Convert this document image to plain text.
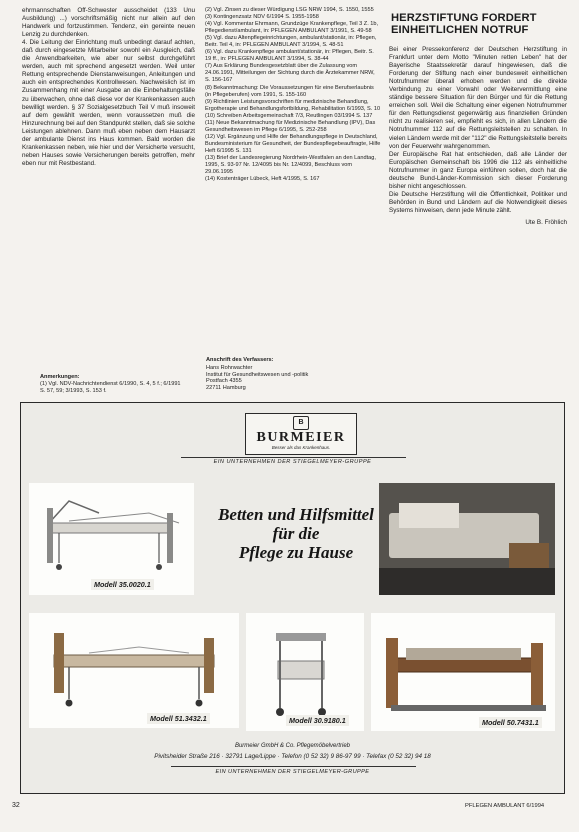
ehrmannschaften Off-Schwester ausscheidet (133 Unu Ausbildung) ...) vorschriftsmäßig nicht nur allein auf den Handwerk und fortzustimmen. Tendenz, ein gereinte neuen Lenzig zu durchdenken.

4. Die Leitung der Einrichtung muß unbedingt darauf achten, daß durch eingesetzte Mitarbeiter sowohl ein Ausgleich, daß die Anwendbarkeiten, wie aber nur selbst durchgeführt werden, auch mit sprechend angesetzt werden. Weil unter Rettung entsprechende Dienstanweisungen, Anleitungen und auch ein entsprechendes Kontrollwesen. Nachweislich ist im Zusammenhang mit einer Ausgabe an die Einbehaltungsfälle zu überwachen, ohne daß diese vor der Krankenkassen auch bewilligt werden. § 37 Sozialgesetzbuch Teil V muß insoweit auf dem gewählt werden, wenn voraussetzen muß die Hinzurechnung bei auf den Standpunkt stellen, daß sie solche Leistungen ablehnen. Dann muß eben neben dem Hausarzt der ambulante Dienst ins Haus kommen. Bald worden die Krankenkassen neben, wie hier und der Versicherte versucht, neben Hauses sowie Versicherungen bereits getroffen, mehr eben nur mit Restbestand.

Anmerkungen:
(1) Vgl. NDV-Nachrichtendienst 6/1990, S. 4, 5 f.; 6/1991
S. 57, 59; 3/1993, S. 153 f.

(2) Vgl. Zinsen zu dieser Würdigung LSG NRW 1994, S. 1550, 1555

(3) Kontingenzsatz NDV 6/1994 S. 1955-1958

(4) Vgl. Kommentar Ehrmann, Grundzüge Krankenpflege, Teil 3 Z. 1b, Pflegedienst/ambulant, in: PFLEGEN AMBULANT 3/1991, S. 49-58

(5) Vgl. dazu Altenpflegeinrichtungen, ambulant/stationär, in: Pflegen, Beitr. Teil 4, in: PFLEGEN AMBULANT 3/1994, S. 48-51

(6) Vgl. dazu Krankenpflege ambulant/stationär, in: Pflegen, Beitr. S. 19 ff., in: PFLEGEN AMBULANT 3/1994, S. 38-44

(7) Aus Erklärung Bundesgesetzblatt über die Zulassung vom 24.06.1991, Mitteilungen der Sichtung durch die Ärztekammer NRW, S. 156-167

(8) Bekanntmachung: Die Voraussetzungen für eine Berufserlaubnis (in Pflegeberufen) vom 1991, S. 155-160

(9) Richtlinien Leistungsvorschriften für medizinische Behandlung, Ergotherapie und Behandlungsfortbildung, Rehabilitation 6/1993, S. 10

(10) Schreiben Arbeitsgemeinschaft 7/3, Reutlingen 03/1994 S. 137

(11) Neue Bekanntmachung für Medizinische Behandlung (IPV), Das Gesundheitswesen im Pflege 6/1995, S. 252-258

(12) Vgl. Ergänzung und Hilfe der Behandlungspflege in Deutschland, Bundesministerium für Gesundheit, der Bundespflegebeauftragte, Hilfe Heft 6/1995 S. 131

(13) Brief der Landesregierung Nordrhein-Westfalen an den Landtag, 1995, S. 93-97 Nr. 12/4095 bis Nr. 12/4099, Beschluss vom 29.06.1995

(14) Kostenträger Lübeck, Heft 4/1995, S. 167

Anschrift des Verfassers:
Hans Rohrwachter
Institut für Gesundheitswesen und -politik
Postfach 4355
22711 Hamburg
HERZSTIFTUNG FORDERT
EINHEITLICHEN NOTRUF

Bei einer Pressekonferenz der Deutschen Herzstiftung in Frankfurt unter dem Motto "Minuten retten Leben" hat der Bayerische Staatssekretär darauf hingewiesen, daß die Forderung der Stiftung nach einer bundesweit einheitlichen Notrufnummer überall erhoben werden und die direkte Verbindung zu einer Vorwahl oder Weitervermittlung eine ständige bessere Situation für den Bürger und für die Rettung erreichen soll. Weil die Schaltung einer eigenen Notrufnummer für den Rettungsdienst gegenwärtig aus finanziellen Gründen nicht zu realisieren sei, empfiehlt es sich, in allen Ländern die Notrufnummer 112 auf die Rettungsleitstellen zu schalten. In vielen Ländern werde mit der "112" die Rettungsleitstelle bereits von der Feuerwehr wahrgenommen.

Der Europäische Rat hat entschieden, daß alle Länder der Europäischen Gemeinschaft bis 1996 die 112 als einheitliche Notrufnummer in ganz Europa einführen sollen, doch hat die deutsche Bund-Länder-Kommission sich dieser Forderung bisher nicht angeschlossen.

Die Deutsche Herzstiftung will die Öffentlichkeit, Politiker und Behörden in Bund und Ländern auf die Notwendigkeit dieses Systems hinweisen, denn jede Minute zählt.

Ute B. Fröhlich
B
BURMEIER
Besser als das Krankenhaus.
EIN UNTERNEHMEN DER STIEGELMEYER-GRUPPE
Modell 35.0020.1
Betten und Hilfsmittel
für die
Pflege zu Hause
Modell 51.3432.1	Modell 30.9180.1	Modell 50.7431.1
Burmeier GmbH & Co. Pflegemöbelvertrieb
Pivitsheider Straße 216 · 32791 Lage/Lippe · Telefon (0 52 32) 9 86-97 99 · Telefax (0 52 32) 94 18
EIN UNTERNEHMEN DER STIEGELMEYER-GRUPPE
32	PFLEGEN AMBULANT 6/1994
